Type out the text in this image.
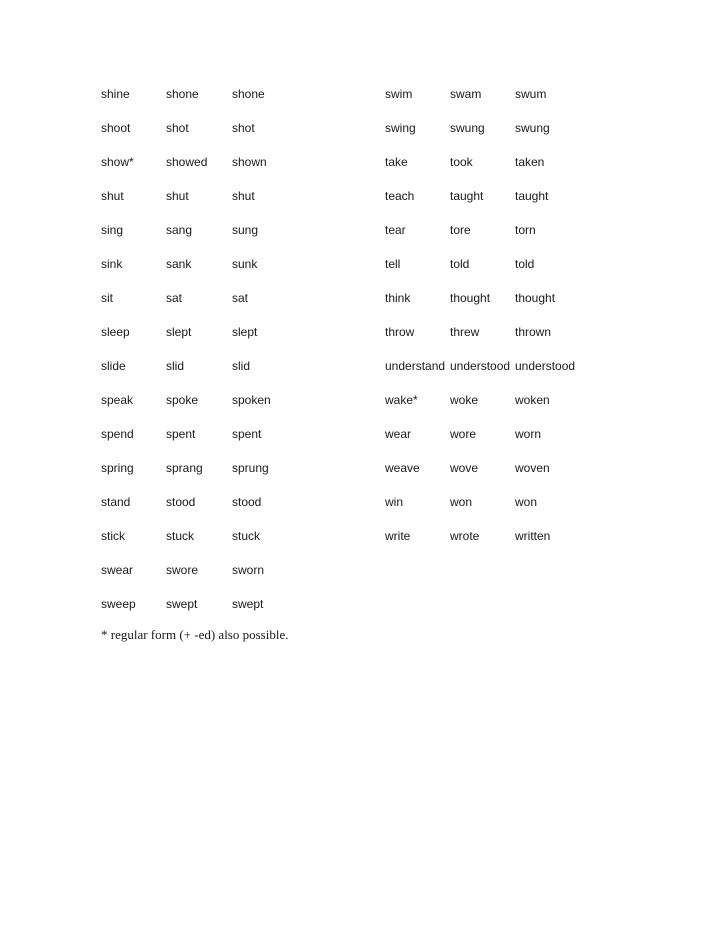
shine	shone	shone
shoot	shot	shot
show*	showed	shown
shut	shut	shut
sing	sang	sung
sink	sank	sunk
sit	sat	sat
sleep	slept	slept
slide	slid	slid
speak	spoke	spoken
spend	spent	spent
spring	sprang	sprung
stand	stood	stood
stick	stuck	stuck
swear	swore	sworn
sweep	swept	swept
swim	swam	swum
swing	swung	swung
take	took	taken
teach	taught	taught
tear	tore	torn
tell	told	told
think	thought	thought
throw	threw	thrown
understand	understood	understood
wake*	woke	woken
wear	wore	worn
weave	wove	woven
win	won	won
write	wrote	written
* regular form (+ -ed) also possible.
